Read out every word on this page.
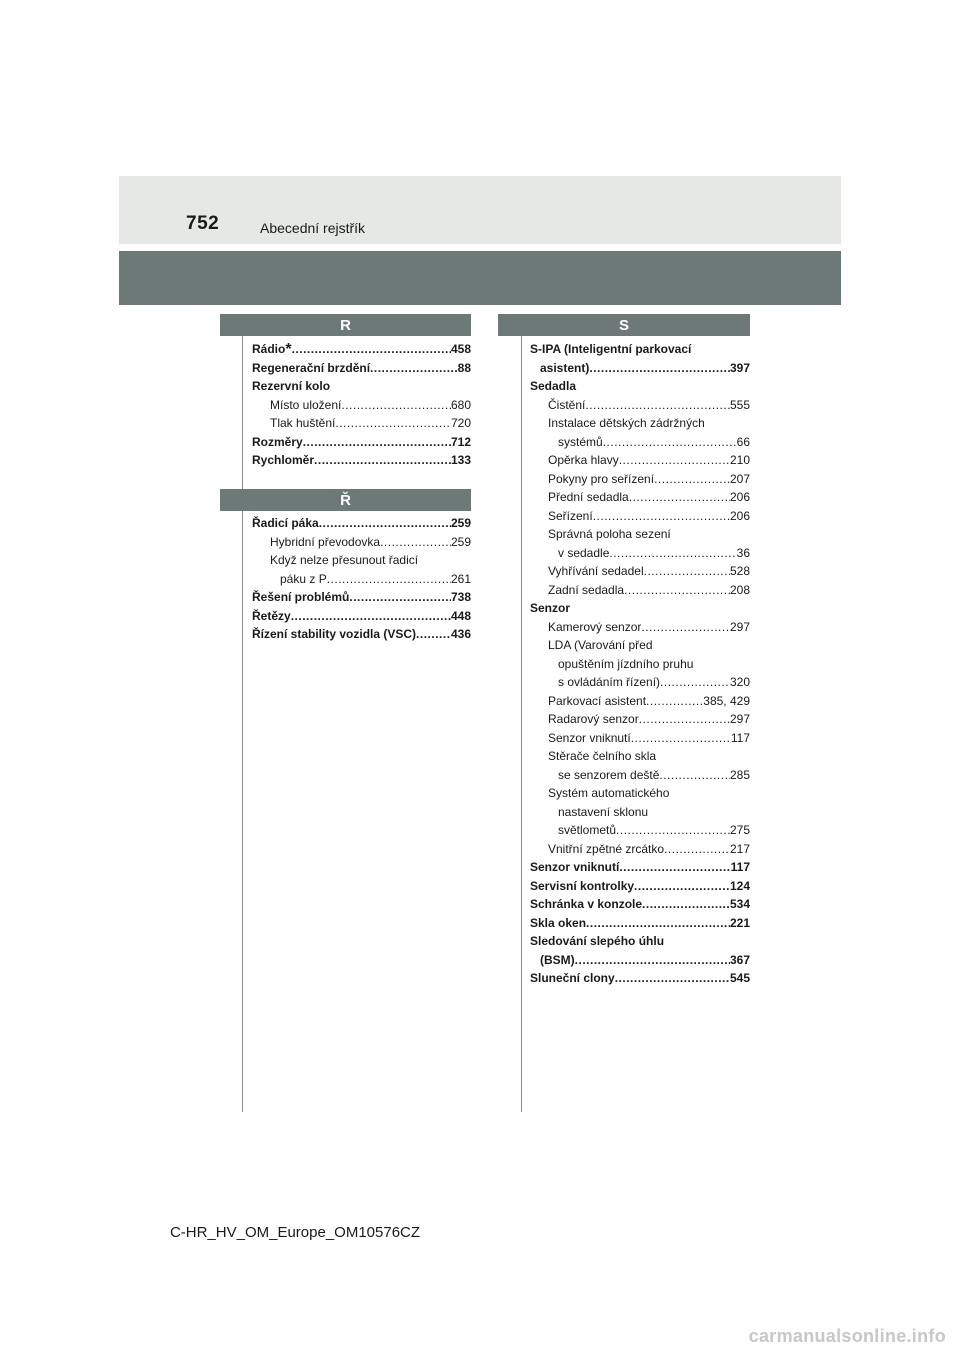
752	Abecední rejstřík
R
Rádio* .....	458
Regenerační brzdění .....	88
Rezervní kolo
Místo uložení .....	680
Tlak huštění .....	720
Rozměry .....	712
Rychloměr .....	133
Ř
Řadicí páka .....	259
Hybridní převodovka .....	259
Když nelze přesunout řadicí
páku z P .....	261
Řešení problémů .....	738
Řetězy .....	448
Řízení stability vozidla (VSC) .....	436
S
S-IPA (Inteligentní parkovací
asistent) .....	397
Sedadla
Čistění .....	555
Instalace dětských zádržných
systémů .....	66
Opěrka hlavy .....	210
Pokyny pro seřízení .....	207
Přední sedadla .....	206
Seřízení .....	206
Správná poloha sezení
v sedadle .....	36
Vyhřívání sedadel .....	528
Zadní sedadla .....	208
Senzor
Kamerový senzor .....	297
LDA (Varování před
opuštěním jízdního pruhu
s ovládáním řízení) .....	320
Parkovací asistent .....	385, 429
Radarový senzor .....	297
Senzor vniknutí .....	117
Stěrače čelního skla
se senzorem deště .....	285
Systém automatického
nastavení sklonu
světlometů .....	275
Vnitřní zpětné zrcátko .....	217
Senzor vniknutí .....	117
Servisní kontrolky .....	124
Schránka v konzole .....	534
Skla oken .....	221
Sledování slepého úhlu
(BSM) .....	367
Sluneční clony .....	545
C-HR_HV_OM_Europe_OM10576CZ
carmanualsonline.info
